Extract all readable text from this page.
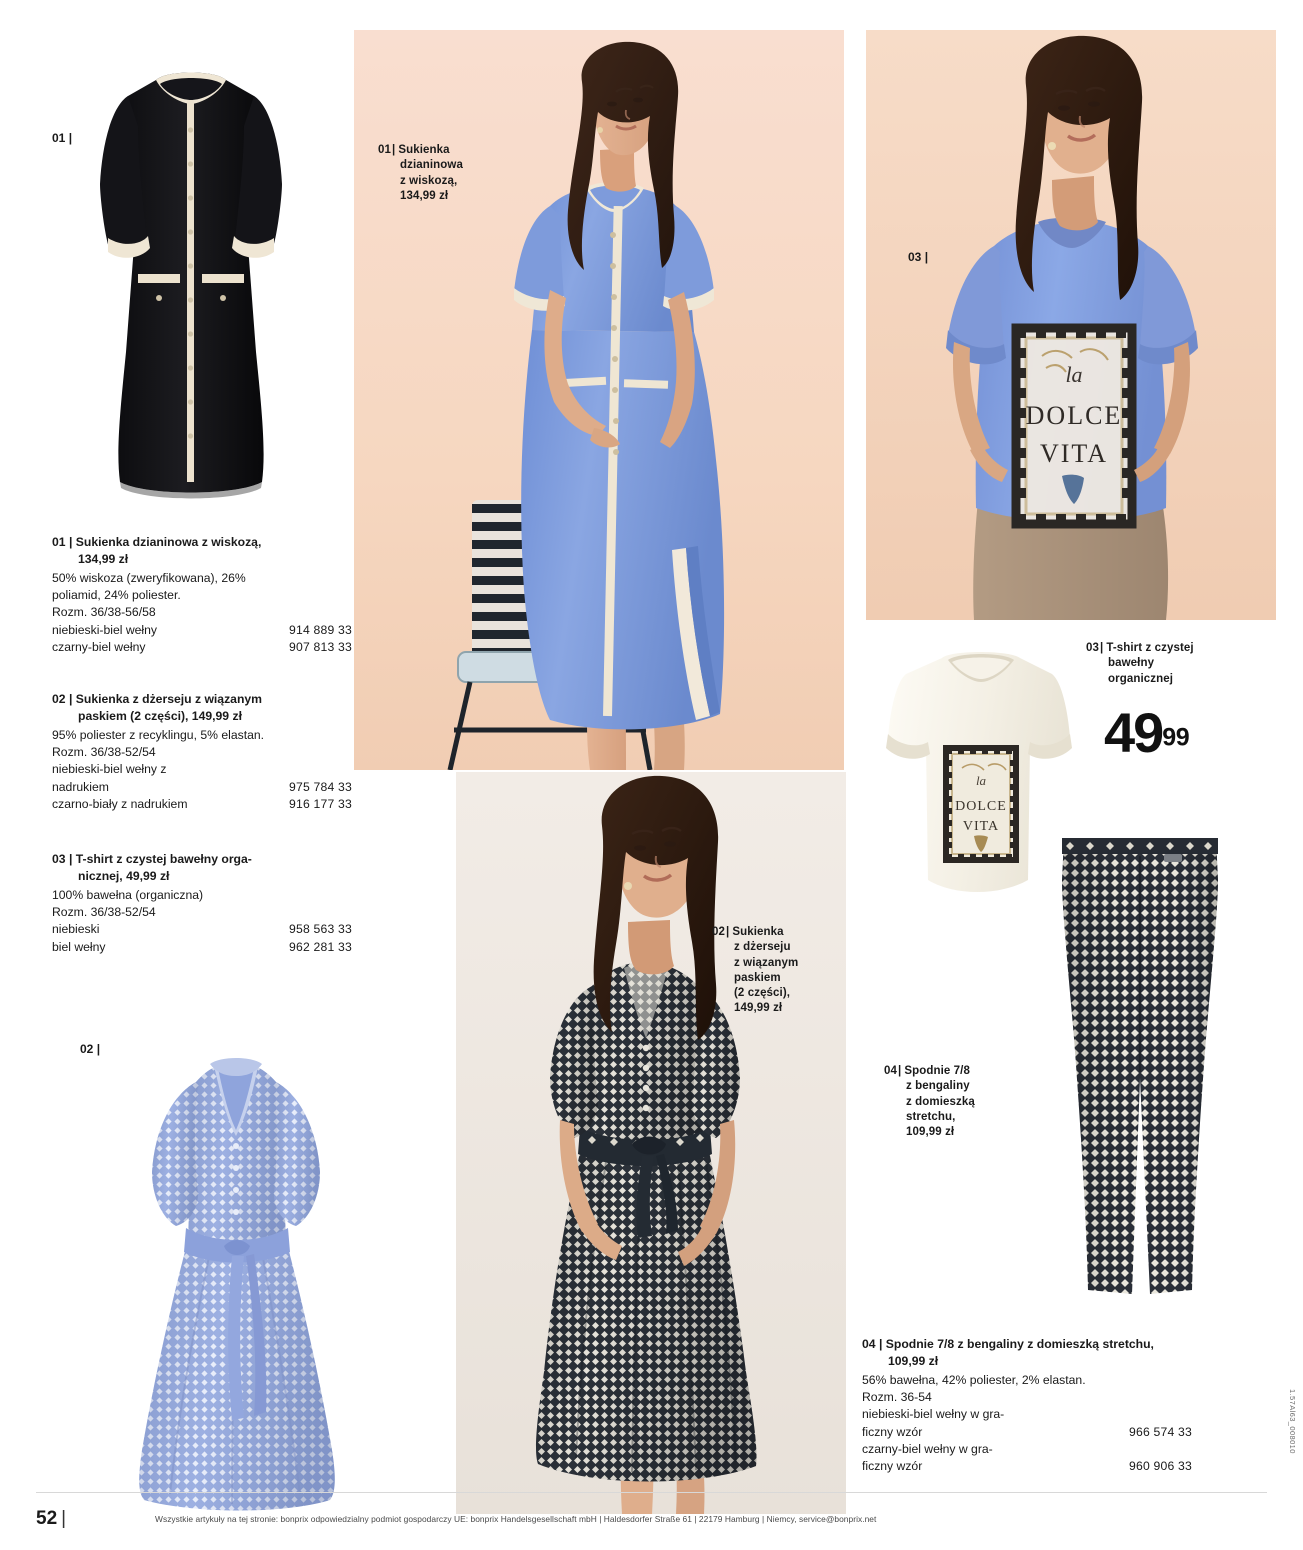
01 |
01| Sukienka
dzianinowa
z wiskozą,
134,99 zł
la
DOLCE
VITA
03 |
03| T-shirt z czystej
bawełny
organicznej
4999
la
DOLCE
VITA
04| Spodnie 7/8
z bengaliny
z domieszką
stretchu,
109,99 zł
02| Sukienka
z dżerseju
z wiązanym
paskiem
(2 części),
149,99 zł
02 |
01 | Sukienka dzianinowa z wiskozą,
134,99 zł
50% wiskoza (zweryfikowana), 26%
poliamid, 24% poliester.
Rozm. 36/38-56/58
niebieski-biel wełny	914 889 33
czarny-biel wełny	907 813 33
02 | Sukienka z dżerseju z wiązanym
paskiem (2 części), 149,99 zł
95% poliester z recyklingu, 5% elastan.
Rozm. 36/38-52/54
niebieski-biel wełny z
nadrukiem	975 784 33
czarno-biały z nadrukiem	916 177 33
03 | T-shirt z czystej bawełny orga-
nicznej, 49,99 zł
100% bawełna (organiczna)
Rozm. 36/38-52/54
niebieski	958 563 33
biel wełny	962 281 33
04 | Spodnie 7/8 z bengaliny z domieszką stretchu,
109,99 zł
56% bawełna, 42% poliester, 2% elastan.
Rozm. 36-54
niebieski-biel wełny w gra-
ficzny wzór	966 574 33
czarny-biel wełny w gra-
ficzny wzór	960 906 33
1.57Al63_008010
52 |	Wszystkie artykuły na tej stronie: bonprix odpowiedzialny podmiot gospodarczy UE: bonprix Handelsgesellschaft mbH | Haldesdorfer Straße 61 | 22179 Hamburg | Niemcy, service@bonprix.net
